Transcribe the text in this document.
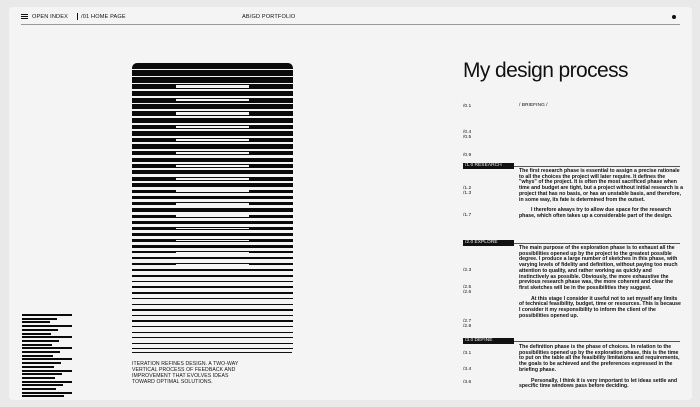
OPEN INDEX /01 HOME PAGE	AB/GD PORTFOLIO
ITERATION REFINES DESIGN. A TWO-WAY VERTICAL PROCESS OF FEEDBACK AND IMPROVEMENT THAT EVOLVES IDEAS TOWARD OPTIMAL SOLUTIONS.
My design process
/0.1	/ BRIEFING /
/0.4
/0.5
/0.9
/1.0 RESEARCH
/1.2
/1.3
/1.7

The first research phase is essential to assign a precise rationale to all the choices the project will later require. It defines the "whys" of the project. It is often the most sacrificed phase when time and budget are tight, but a project without initial research is a project that has no basis, or has an unstable basis, and therefore, in some way, its fate is determined from the outset.

I therefore always try to allow due space for the research phase, which often takes up a considerable part of the design.

/2.0 EXPLORE
/2.3
/2.5
/2.6
/2.7
/2.8

The main purpose of the exploration phase is to exhaust all the possibilities opened up by the project to the greatest possible degree. I produce a large number of sketches in this phase, with varying levels of fidelity and definition, without paying too much attention to quality, and rather working as quickly and instinctively as possible. Obviously, the more exhaustive the previous research phase was, the more coherent and clear the first sketches will be in the possibilities they suggest.

At this stage I consider it useful not to set myself any limits of technical feasibility, budget, time or resources. This is because I consider it my responsibility to inform the client of the possibilities opened up.

/3.0 DEFINE
/3.1
/3.4
/3.6

The definition phase is the phase of choices. In relation to the possibilities opened up by the exploration phase, this is the time to put on the table all the feasibility limitations and requirements, the goals to be achieved and the preferences expressed in the briefing phase.

Personally, I think it is very important to let ideas settle and specific time windows pass before deciding.
